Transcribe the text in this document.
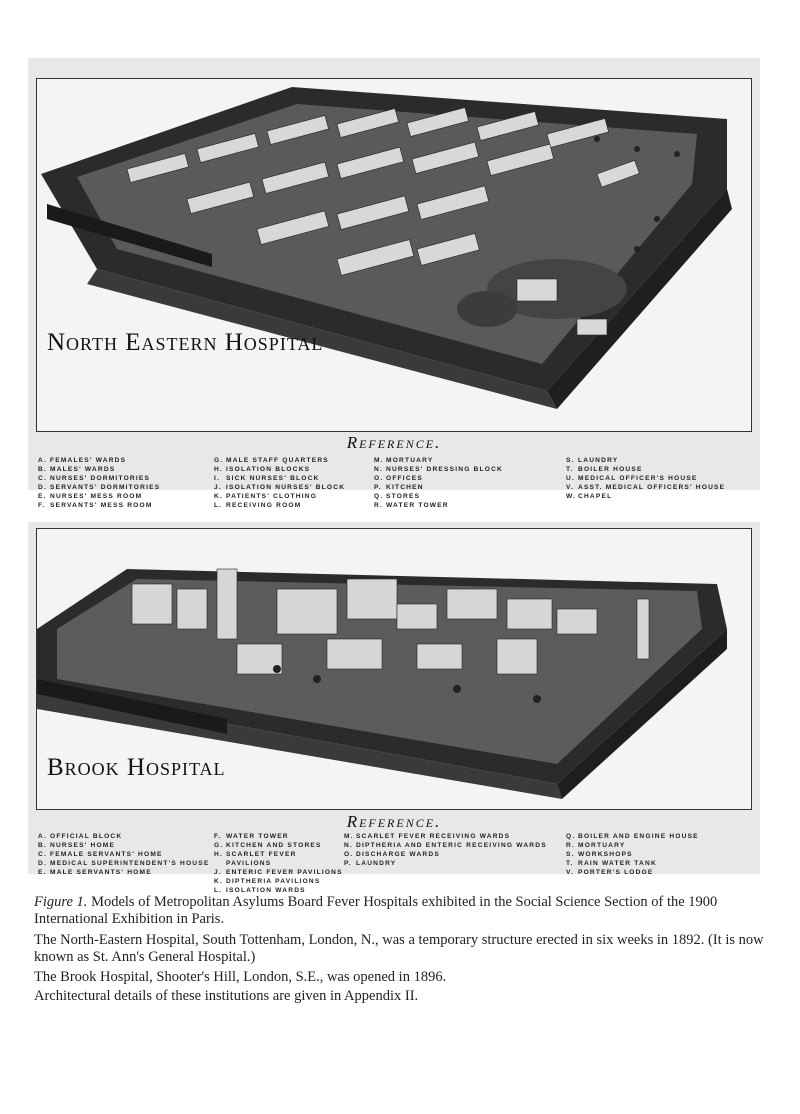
North Eastern Hospital
Reference.
A. FEMALES' WARDS
B. MALES' WARDS
C. NURSES' DORMITORIES
D. SERVANTS' DORMITORIES
E. NURSES' MESS ROOM
F. SERVANTS' MESS ROOM
G. MALE STAFF QUARTERS
H. ISOLATION BLOCKS
I. SICK NURSES' BLOCK
J. ISOLATION NURSES' BLOCK
K. PATIENTS' CLOTHING
L. RECEIVING ROOM
M. MORTUARY
N. NURSES' DRESSING BLOCK
O. OFFICES
P. KITCHEN
Q. STORES
R. WATER TOWER
S. LAUNDRY
T. BOILER HOUSE
U. MEDICAL OFFICER'S HOUSE
V. ASST. MEDICAL OFFICERS' HOUSE
W. CHAPEL
Brook Hospital
Reference.
A. OFFICIAL BLOCK
B. NURSES' HOME
C. FEMALE SERVANTS' HOME
D. MEDICAL SUPERINTENDENT'S HOUSE
E. MALE SERVANTS' HOME
F. WATER TOWER
G. KITCHEN AND STORES
H. SCARLET FEVER PAVILIONS
J. ENTERIC FEVER PAVILIONS
K. DIPTHERIA PAVILIONS
L. ISOLATION WARDS
M. SCARLET FEVER RECEIVING WARDS
N. DIPTHERIA AND ENTERIC RECEIVING WARDS
O. DISCHARGE WARDS
P. LAUNDRY
Q. BOILER AND ENGINE HOUSE
R. MORTUARY
S. WORKSHOPS
T. RAIN WATER TANK
V. PORTER'S LODGE
Figure 1. Models of Metropolitan Asylums Board Fever Hospitals exhibited in the Social Science Section of the 1900 International Exhibition in Paris.
The North-Eastern Hospital, South Tottenham, London, N., was a temporary structure erected in six weeks in 1892. (It is now known as St. Ann's General Hospital.)
The Brook Hospital, Shooter's Hill, London, S.E., was opened in 1896.
Architectural details of these institutions are given in Appendix II.
